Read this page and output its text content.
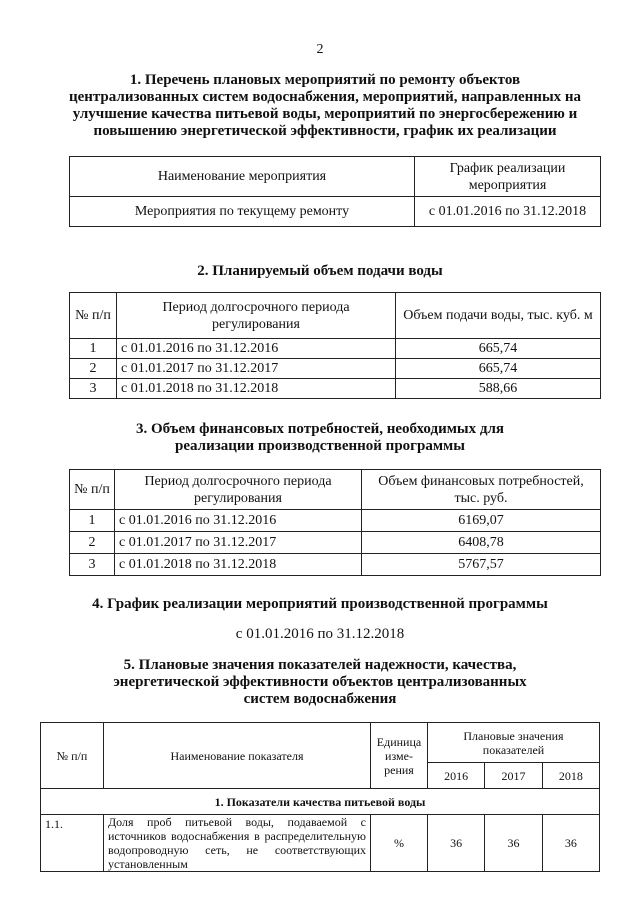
2
1. Перечень плановых мероприятий по ремонту объектов
централизованных систем водоснабжения, мероприятий, направленных на
улучшение качества питьевой воды, мероприятий по энергосбережению и
повышению энергетической эффективности, график их реализации
Наименование мероприятия	График реализации мероприятия
Мероприятия по текущему ремонту	с 01.01.2016 по 31.12.2018
2. Планируемый объем подачи воды
№ п/п	Период долгосрочного периода регулирования	Объем подачи воды, тыс. куб. м
1	с 01.01.2016 по 31.12.2016	665,74
2	с 01.01.2017 по 31.12.2017	665,74
3	с 01.01.2018 по 31.12.2018	588,66
3. Объем финансовых потребностей, необходимых для
реализации производственной программы
№ п/п	Период долгосрочного периода регулирования	Объем финансовых потребностей, тыс. руб.
1	с 01.01.2016 по 31.12.2016	6169,07
2	с 01.01.2017 по 31.12.2017	6408,78
3	с 01.01.2018 по 31.12.2018	5767,57
4. График реализации мероприятий производственной программы
с 01.01.2016 по 31.12.2018
5. Плановые значения показателей надежности, качества,
энергетической эффективности объектов централизованных
систем водоснабжения
№ п/п	Наименование показателя	Единица изме-рения	Плановые значения показателей		
			2016	2017	2018
1. Показатели качества питьевой воды					
1.1.	Доля проб питьевой воды, подаваемой с источников водоснабжения в распределительную водопроводную сеть, не соответствующих установленным	%	36	36	36
